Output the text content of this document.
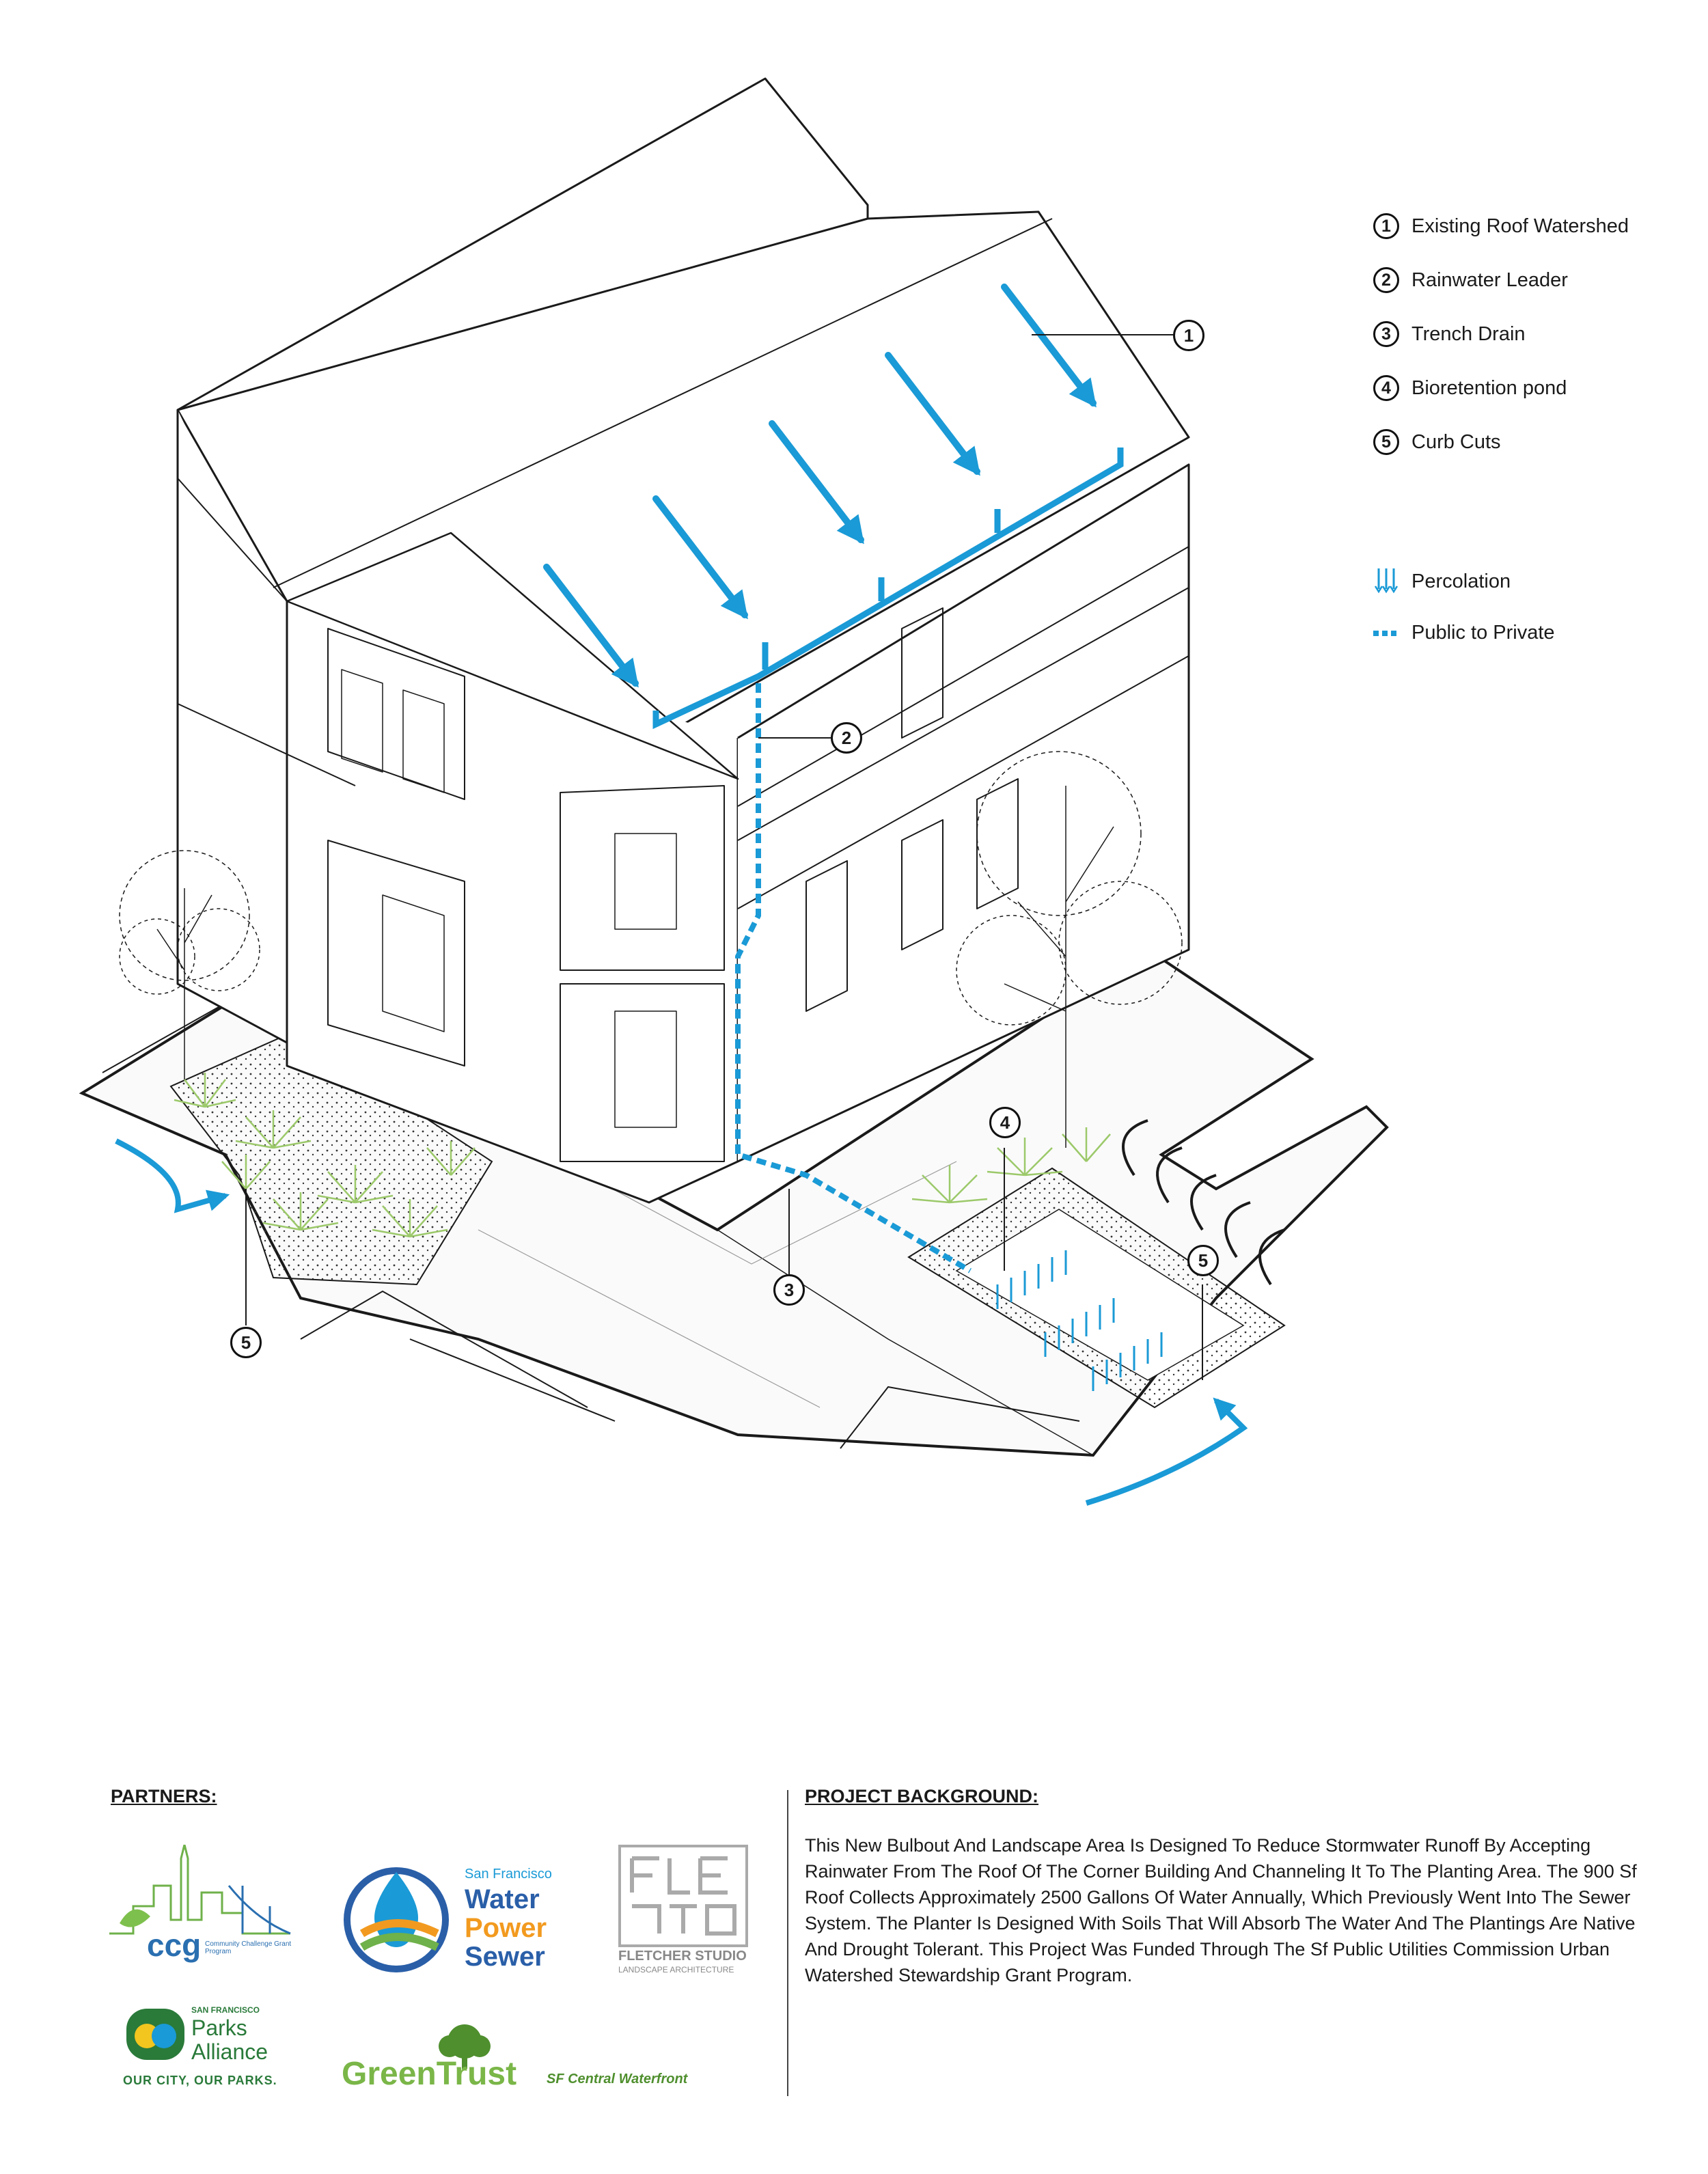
1
2
3
4
5
5
1	Existing Roof Watershed
2	Rainwater Leader
3	Trench Drain
4	Bioretention pond
5	Curb Cuts
Percolation
Public to Private
PARTNERS:
ccg Community Challenge Grant Program
San Francisco
Water
Power
Sewer	FLETCHER STUDIO
LANDSCAPE ARCHITECTURE
SAN FRANCISCO
Parks
Alliance
OUR CITY, OUR PARKS. GreenTrust SF Central Waterfront
PROJECT BACKGROUND:
This New Bulbout And Landscape Area Is Designed To Reduce Stormwater Runoff By Accepting Rainwater From The Roof Of The Corner Building And Channeling It To The Planting Area. The 900 Sf Roof Collects Approximately 2500 Gallons Of Water Annually, Which Previously Went Into The Sewer System. The Planter Is Designed With Soils That Will Absorb The Water And The Plantings Are Native And Drought Tolerant. This Project Was Funded Through The Sf Public Utilities Commission Urban Watershed Stewardship Grant Program.
